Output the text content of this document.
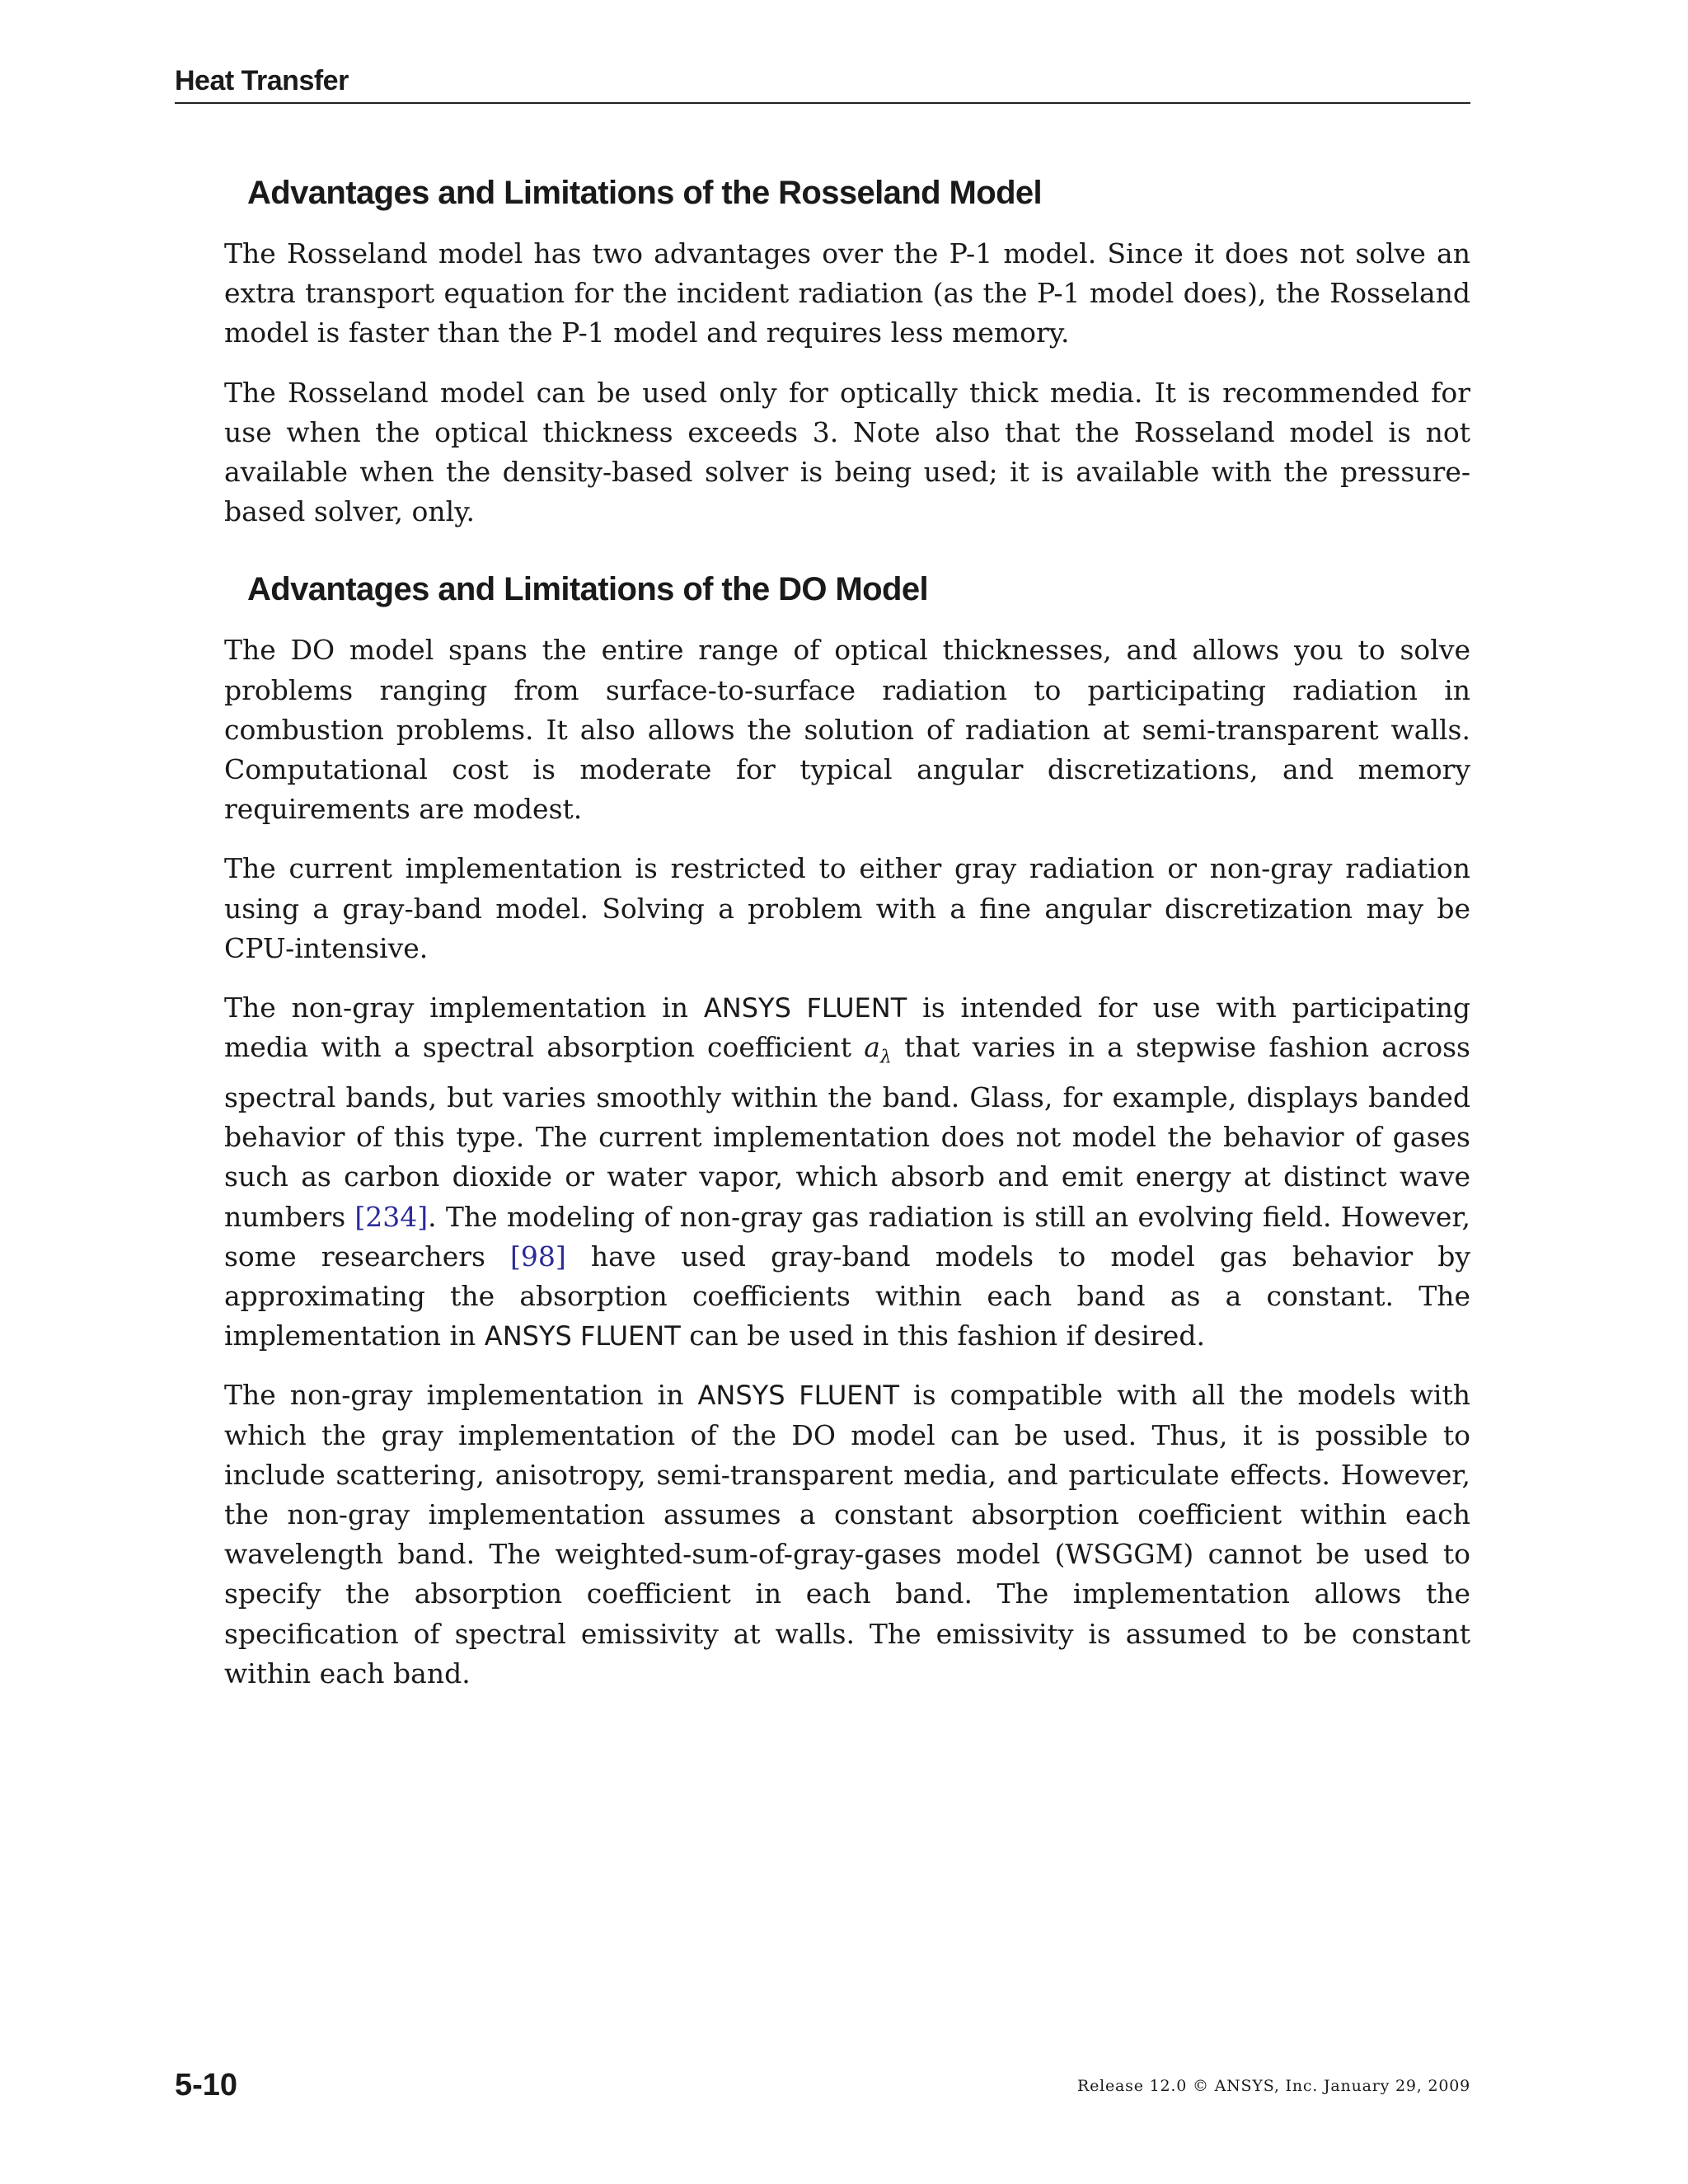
Heat Transfer
Advantages and Limitations of the Rosseland Model

The Rosseland model has two advantages over the P-1 model. Since it does not solve an extra transport equation for the incident radiation (as the P-1 model does), the Rosseland model is faster than the P-1 model and requires less memory.

The Rosseland model can be used only for optically thick media. It is recommended for use when the optical thickness exceeds 3. Note also that the Rosseland model is not available when the density-based solver is being used; it is available with the pressure-based solver, only.

Advantages and Limitations of the DO Model

The DO model spans the entire range of optical thicknesses, and allows you to solve problems ranging from surface-to-surface radiation to participating radiation in combustion problems. It also allows the solution of radiation at semi-transparent walls. Computational cost is moderate for typical angular discretizations, and memory requirements are modest.

The current implementation is restricted to either gray radiation or non-gray radiation using a gray-band model. Solving a problem with a fine angular discretization may be CPU-intensive.

The non-gray implementation in ANSYS FLUENT is intended for use with participating media with a spectral absorption coefficient $a_\lambda$ that varies in a stepwise fashion across spectral bands, but varies smoothly within the band. Glass, for example, displays banded behavior of this type. The current implementation does not model the behavior of gases such as carbon dioxide or water vapor, which absorb and emit energy at distinct wave numbers [234]. The modeling of non-gray gas radiation is still an evolving field. However, some researchers [98] have used gray-band models to model gas behavior by approximating the absorption coefficients within each band as a constant. The implementation in ANSYS FLUENT can be used in this fashion if desired.

The non-gray implementation in ANSYS FLUENT is compatible with all the models with which the gray implementation of the DO model can be used. Thus, it is possible to include scattering, anisotropy, semi-transparent media, and particulate effects. However, the non-gray implementation assumes a constant absorption coefficient within each wavelength band. The weighted-sum-of-gray-gases model (WSGGM) cannot be used to specify the absorption coefficient in each band. The implementation allows the specification of spectral emissivity at walls. The emissivity is assumed to be constant within each band.

5-10	Release 12.0 © ANSYS, Inc. January 29, 2009
